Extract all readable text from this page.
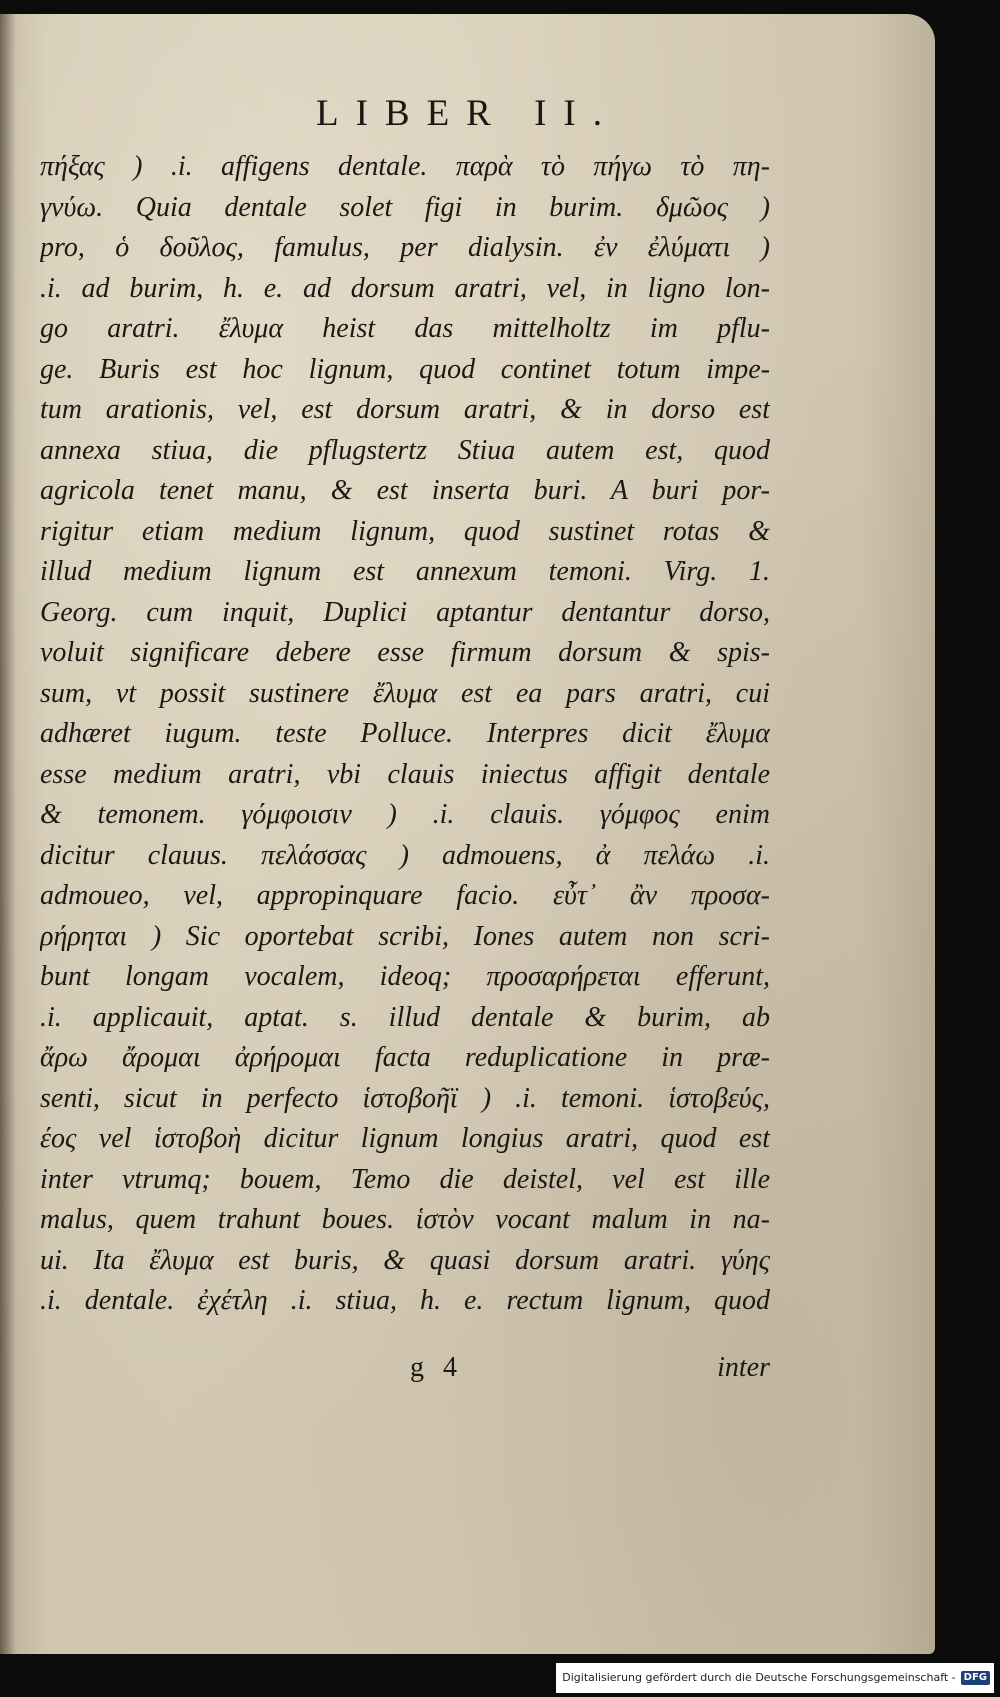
LIBER II.
πήξας ) .i. affigens dentale. παρὰ τὸ πήγω τὸ πη-
γνύω. Quia dentale solet figi in burim. δμῶος )
pro, ὁ δοῦλος, famulus, per dialysin. ἐν ἐλύματι )
.i. ad burim, h. e. ad dorsum aratri, vel, in ligno lon-
go aratri. ἔλυμα heist das mittelholtz im pflu-
ge. Buris est hoc lignum, quod continet totum impe-
tum arationis, vel, est dorsum aratri, & in dorso est
annexa stiua, die pflugstertz Stiua autem est, quod
agricola tenet manu, & est inserta buri. A buri por-
rigitur etiam medium lignum, quod sustinet rotas &
illud medium lignum est annexum temoni. Virg. 1.
Georg. cum inquit, Duplici aptantur dentantur dorso,
voluit significare debere esse firmum dorsum & spis-
sum, vt possit sustinere ἔλυμα est ea pars aratri, cui
adhæret iugum. teste Polluce. Interpres dicit ἔλυμα
esse medium aratri, vbi clauis iniectus affigit dentale
& temonem. γόμφοισιν ) .i. clauis. γόμφος enim
dicitur clauus. πελάσσας ) admouens, ἀ πελάω .i.
admoueo, vel, appropinquare facio. εὖτ᾽ ἂν προσα-
ρήρηται ) Sic oportebat scribi, Iones autem non scri-
bunt longam vocalem, ideoq; προσαρήρεται efferunt,
.i. applicauit, aptat. s. illud dentale & burim, ab
ἄρω ἄρομαι ἀρήρομαι facta reduplicatione in præ-
senti, sicut in perfecto ἱστοβοῆϊ ) .i. temoni. ἱστοβεύς,
έος vel ἱστοβοὴ dicitur lignum longius aratri, quod est
inter vtrumq; bouem, Temo die deistel, vel est ille
malus, quem trahunt boues. ἱστὸν vocant malum in na-
ui. Ita ἔλυμα est buris, & quasi dorsum aratri. γύης
.i. dentale. ἐχέτλη .i. stiua, h. e. rectum lignum, quod
g 4	inter
Digitalisierung gefördert durch die Deutsche Forschungsgemeinschaft - DFG
